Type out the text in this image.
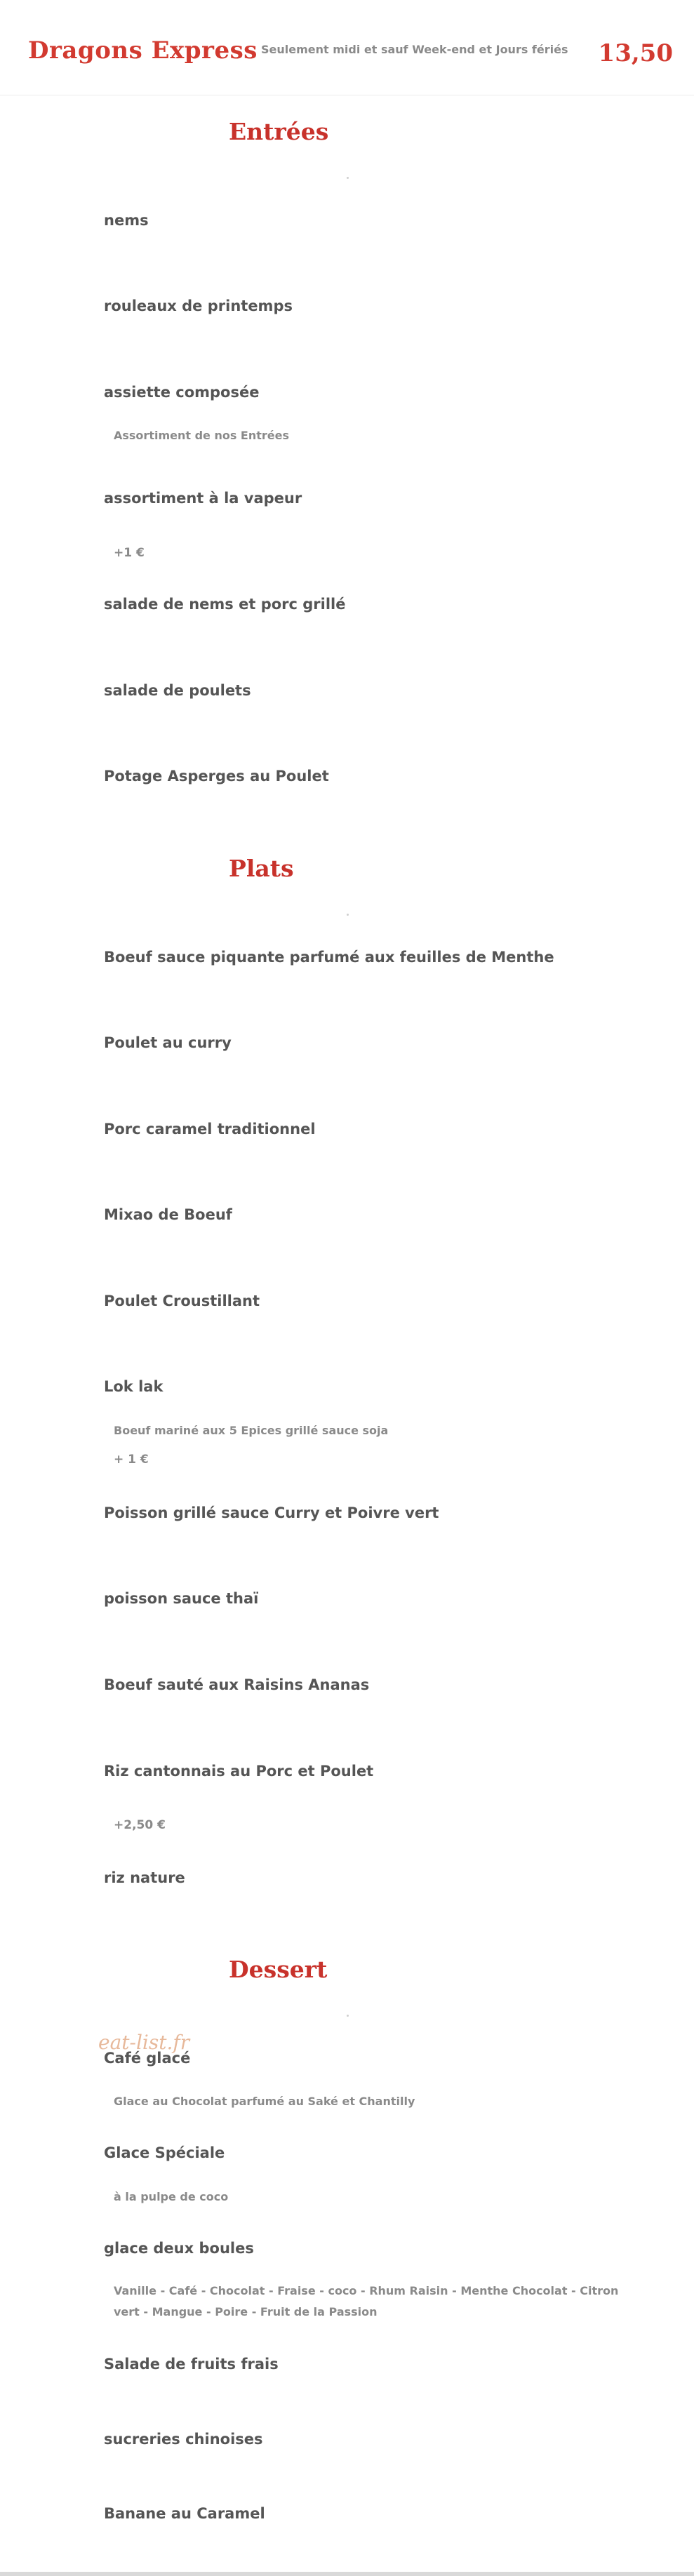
Dragons Express Seulement midi et sauf Week-end et Jours fériés 13,50
Entrées
nems
rouleaux de printemps
assiette composée
Assortiment de nos Entrées
assortiment à la vapeur
+1 €
salade de nems et porc grillé
salade de poulets
Potage Asperges au Poulet
Plats
Boeuf sauce piquante parfumé aux feuilles de Menthe
Poulet au curry
Porc caramel traditionnel
Mixao de Boeuf
Poulet Croustillant
Lok lak
Boeuf mariné aux 5 Epices grillé sauce soja
+ 1 €
Poisson grillé sauce Curry et Poivre vert
poisson sauce thaï
Boeuf sauté aux Raisins Ananas
Riz cantonnais au Porc et Poulet
+2,50 €
riz nature
Dessert
eat-list.fr
Café glacé
Glace au Chocolat parfumé au Saké et Chantilly
Glace Spéciale
à la pulpe de coco
glace deux boules
Vanille - Café - Chocolat - Fraise - coco - Rhum Raisin - Menthe Chocolat - Citron vert - Mangue - Poire - Fruit de la Passion
Salade de fruits frais
sucreries chinoises
Banane au Caramel
